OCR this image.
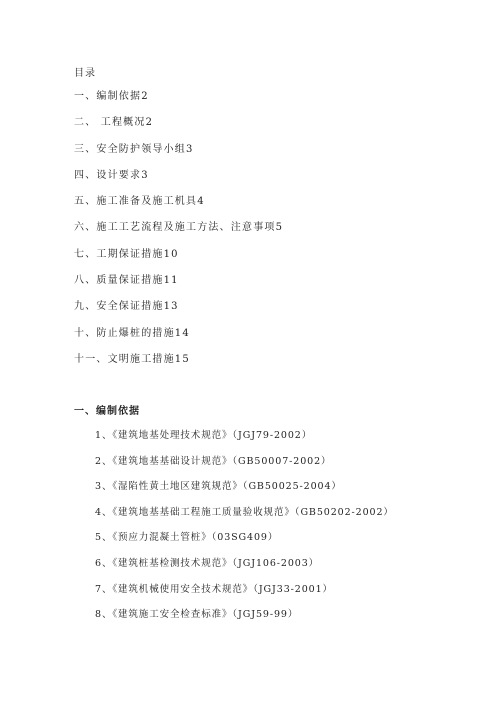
目录
一、编制依据2
二、 工程概况2
三、安全防护领导小组3
四、设计要求3
五、施工准备及施工机具4
六、施工工艺流程及施工方法、注意事项5
七、工期保证措施10
八、质量保证措施11
九、安全保证措施13
十、防止爆桩的措施14
十一、文明施工措施15
一、编制依据
1、《建筑地基处理技术规范》（JGJ79-2002）
2、《建筑地基基础设计规范》（GB50007-2002）
3、《湿陷性黄土地区建筑规范》（GB50025-2004）
4、《建筑地基基础工程施工质量验收规范》（GB50202-2002）
5、《预应力混凝土管桩》（03SG409）
6、《建筑桩基检测技术规范》（JGJ106-2003）
7、《建筑机械使用安全技术规范》（JGJ33-2001）
8、《建筑施工安全检查标准》（JGJ59-99）
